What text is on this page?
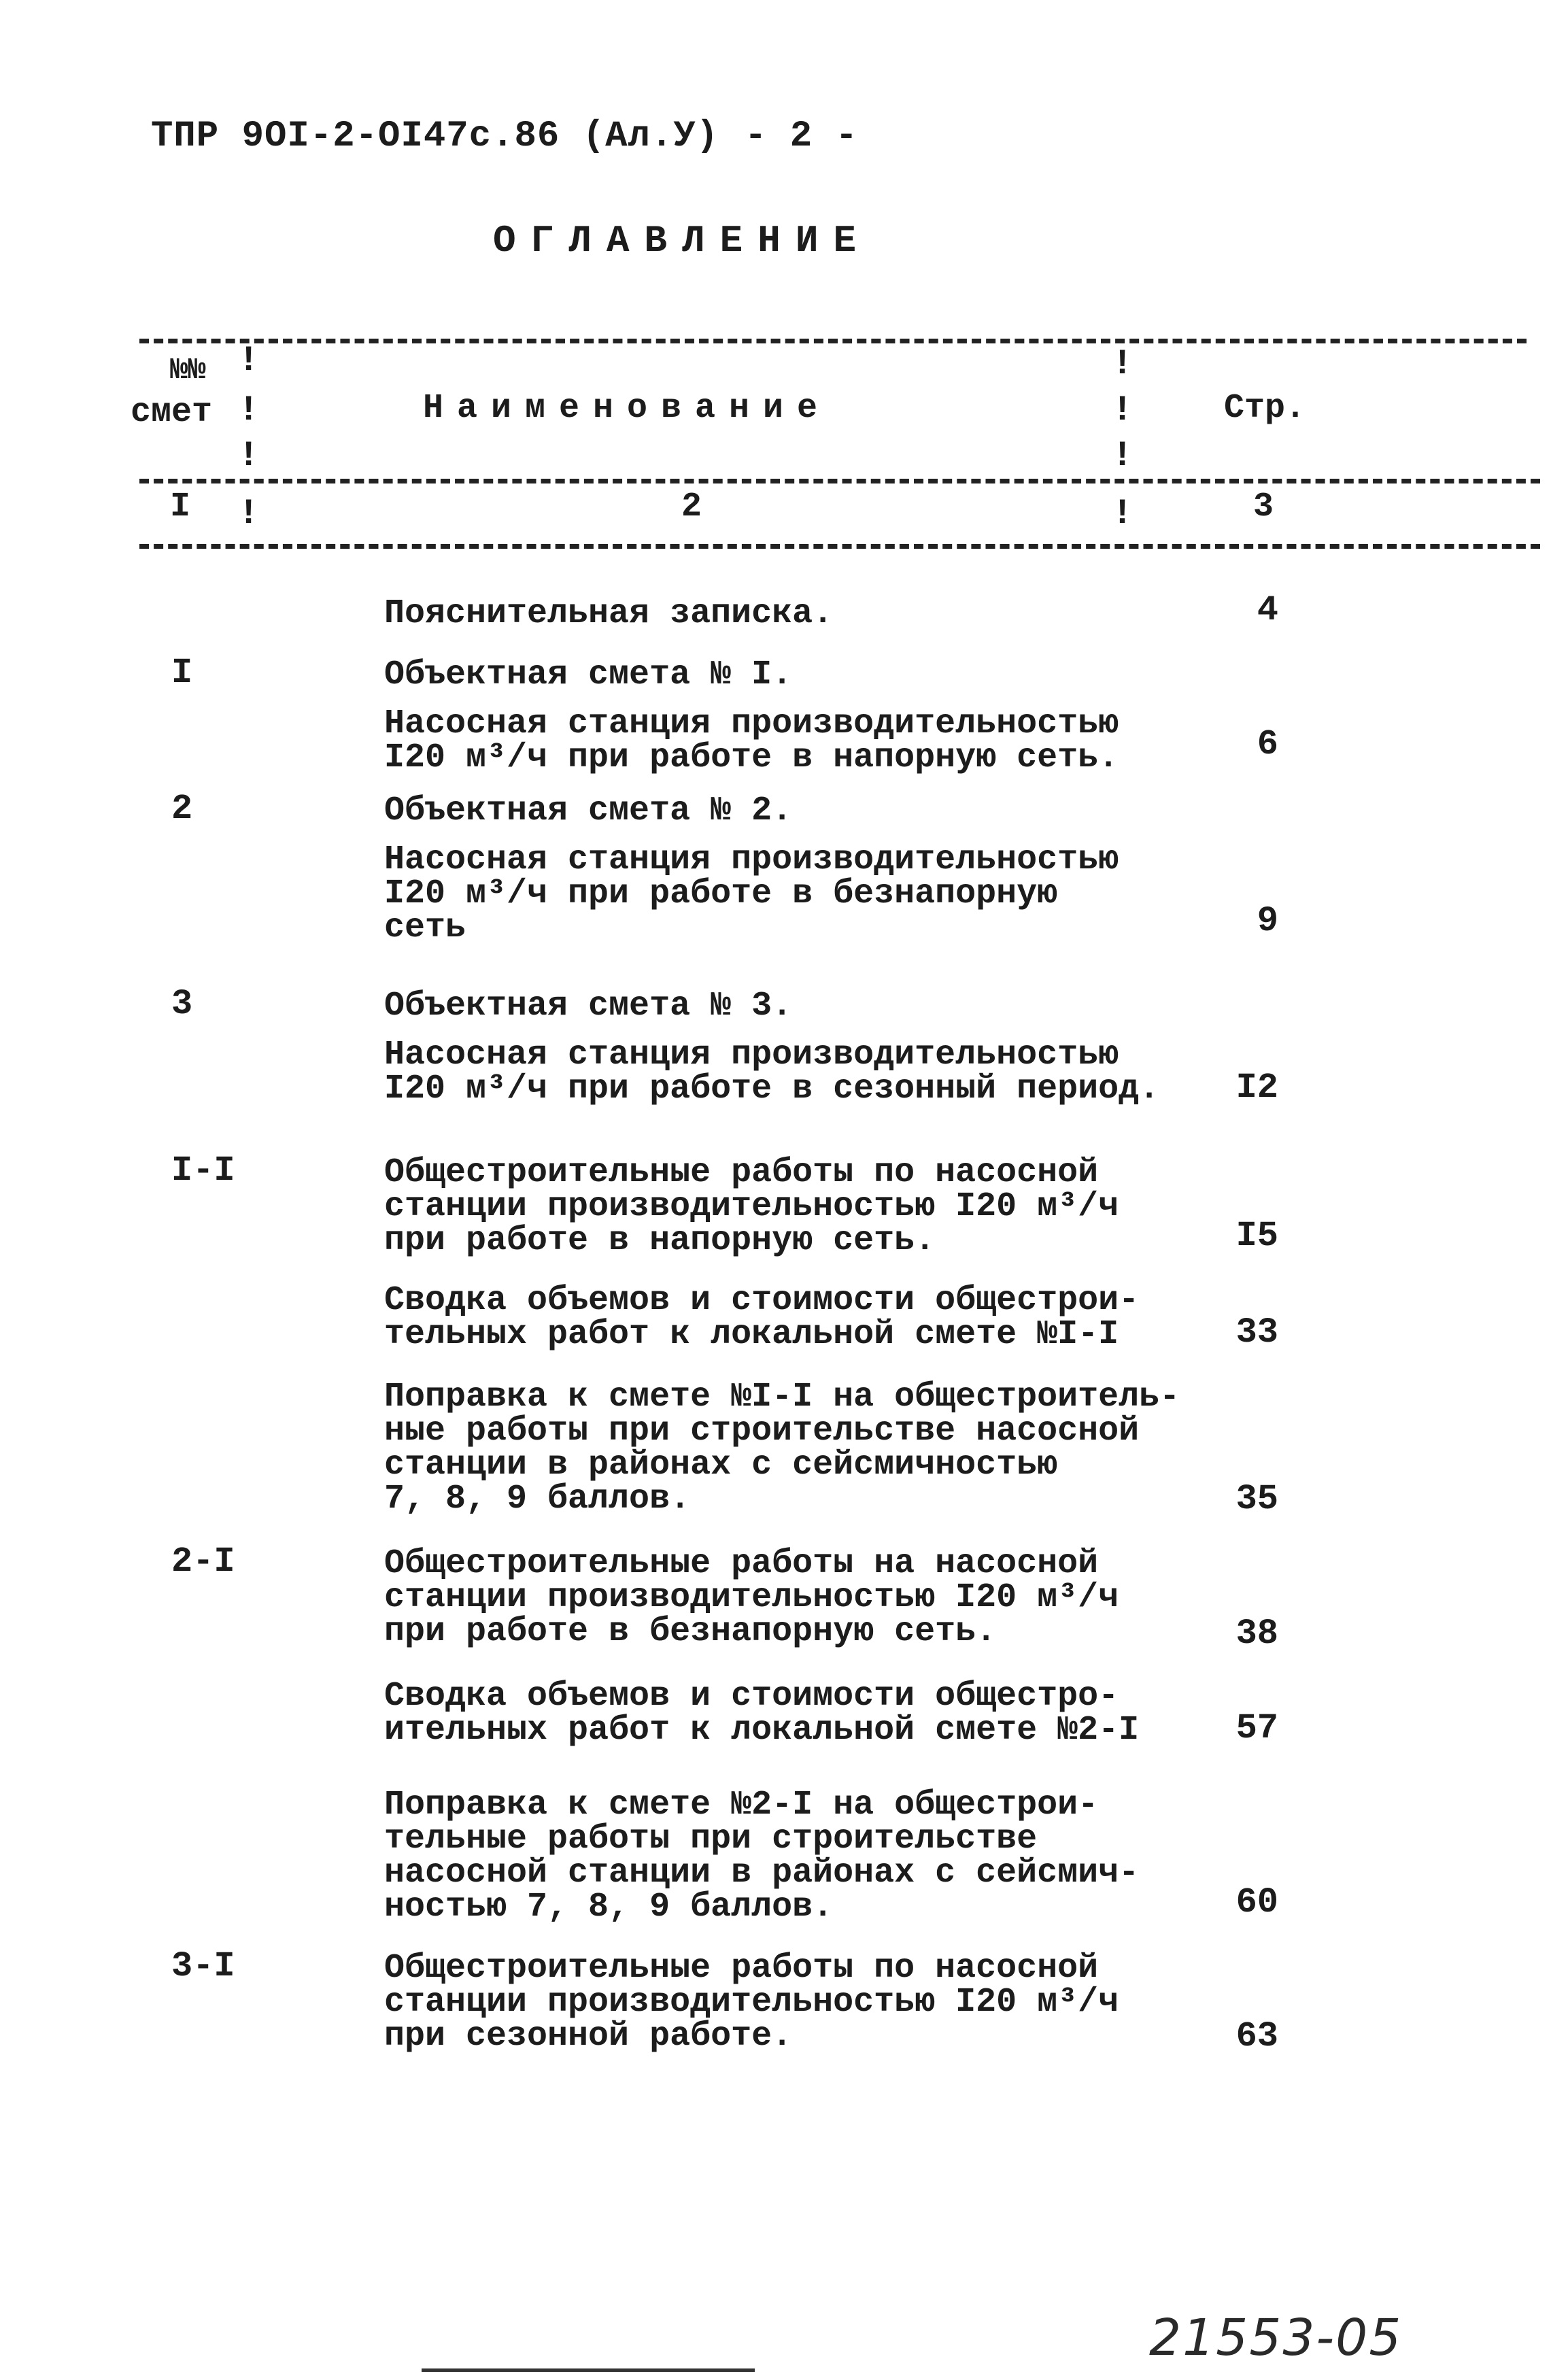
ТПР 9OI-2-OI47с.86 (Ал.У) - 2 -
ОГЛАВЛЕНИЕ
!
!
!
!
!
!
!
!
№№
смет	Наименование	Стр.
I	2	3
Пояснительная записка.	4
I	Объектная смета № I.
Насосная станция производительностью
I20 м³/ч при работе в напорную сеть.	6
2	Объектная смета № 2.
Насосная станция производительностью
I20 м³/ч при работе в безнапорную
сеть	9
3	Объектная смета № 3.
Насосная станция производительностью
I20 м³/ч при работе в сезонный период.	I2
I-I	Общестроительные работы по насосной
станции производительностью I20 м³/ч
при работе в напорную сеть.	I5
Сводка объемов и стоимости общестрои-
тельных работ к локальной смете №I-I	33
Поправка к смете №I-I на общестроитель-
ные работы при строительстве насосной
станции в районах с сейсмичностью
7, 8, 9 баллов.	35
2-I	Общестроительные работы на насосной
станции производительностью I20 м³/ч
при работе в безнапорную сеть.	38
Сводка объемов и стоимости общестро-
ительных работ к локальной смете №2-I	57
Поправка к смете №2-I на общестрои-
тельные работы при строительстве
насосной станции в районах с сейсмич-
ностью 7, 8, 9 баллов.	60
3-I	Общестроительные работы по насосной
станции производительностью I20 м³/ч
при сезонной работе.	63
21553-05
